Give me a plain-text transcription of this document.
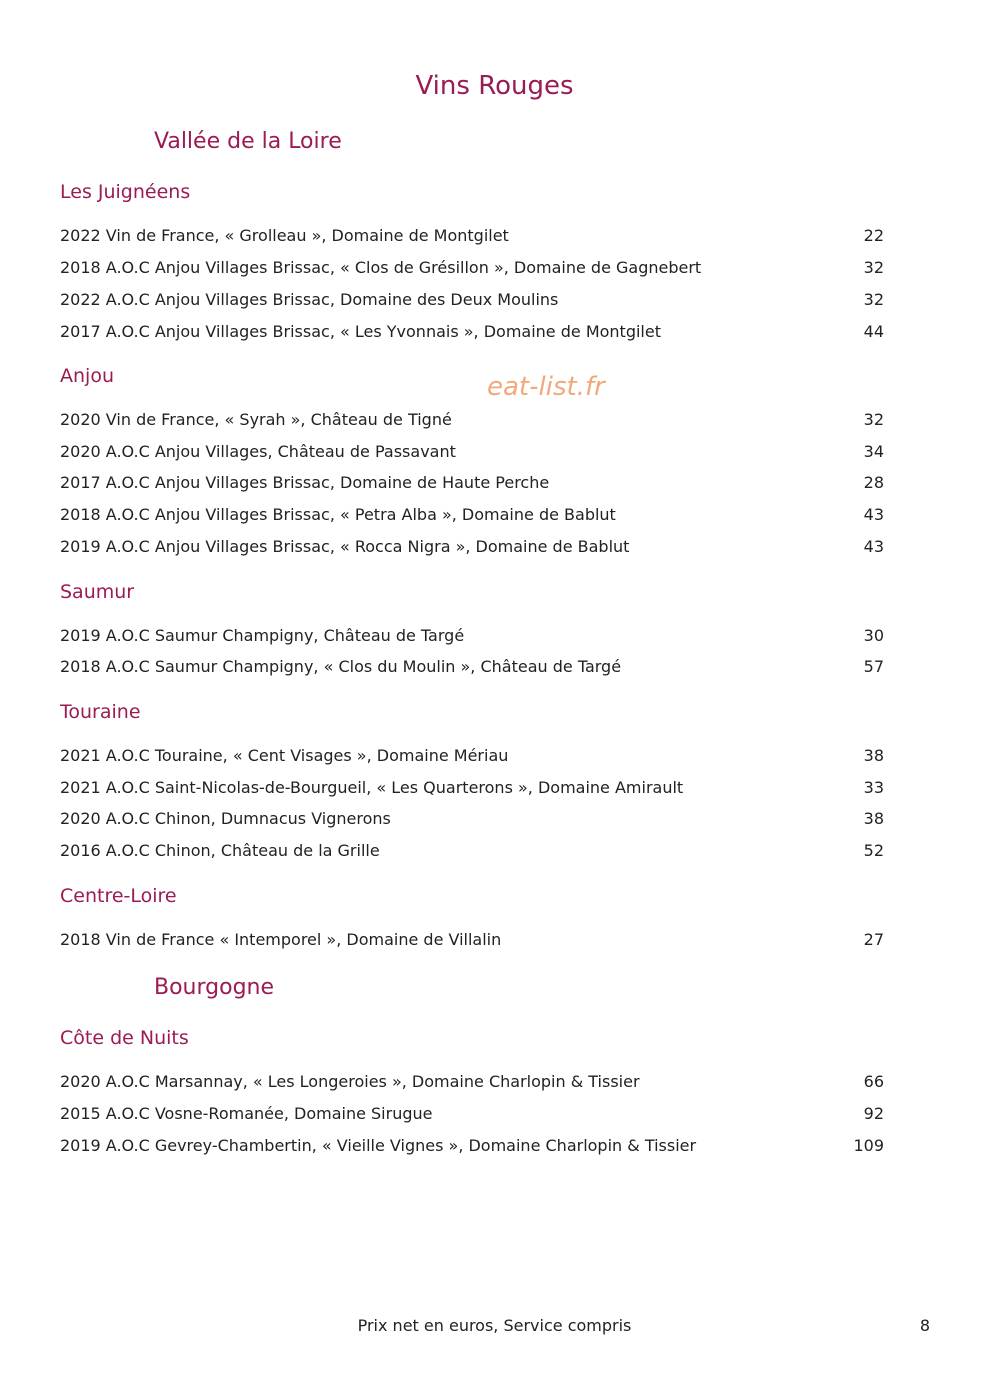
Vins Rouges
Vallée de la Loire
Les Juignéens
2022 Vin de France, « Grolleau », Domaine de Montgilet	22
2018 A.O.C Anjou Villages Brissac, « Clos de Grésillon », Domaine de Gagnebert	32
2022 A.O.C Anjou Villages Brissac, Domaine des Deux Moulins	32
2017 A.O.C Anjou Villages Brissac, « Les Yvonnais », Domaine de Montgilet	44
Anjou	eat-list.fr
2020 Vin de France, « Syrah », Château de Tigné	32
2020 A.O.C Anjou Villages, Château de Passavant	34
2017 A.O.C Anjou Villages Brissac, Domaine de Haute Perche	28
2018 A.O.C Anjou Villages Brissac, « Petra Alba », Domaine de Bablut	43
2019 A.O.C Anjou Villages Brissac, « Rocca Nigra », Domaine de Bablut	43
Saumur
2019 A.O.C Saumur Champigny, Château de Targé	30
2018 A.O.C Saumur Champigny, « Clos du Moulin », Château de Targé	57
Touraine
2021 A.O.C Touraine, « Cent Visages », Domaine Mériau	38
2021 A.O.C Saint-Nicolas-de-Bourgueil, « Les Quarterons », Domaine Amirault	33
2020 A.O.C Chinon, Dumnacus Vignerons	38
2016 A.O.C Chinon, Château de la Grille	52
Centre-Loire
2018 Vin de France « Intemporel », Domaine de Villalin	27
Bourgogne
Côte de Nuits
2020 A.O.C Marsannay, « Les Longeroies », Domaine Charlopin & Tissier	66
2015 A.O.C Vosne-Romanée, Domaine Sirugue	92
2019 A.O.C Gevrey-Chambertin, « Vieille Vignes », Domaine Charlopin & Tissier	109
Prix net en euros, Service compris	8
